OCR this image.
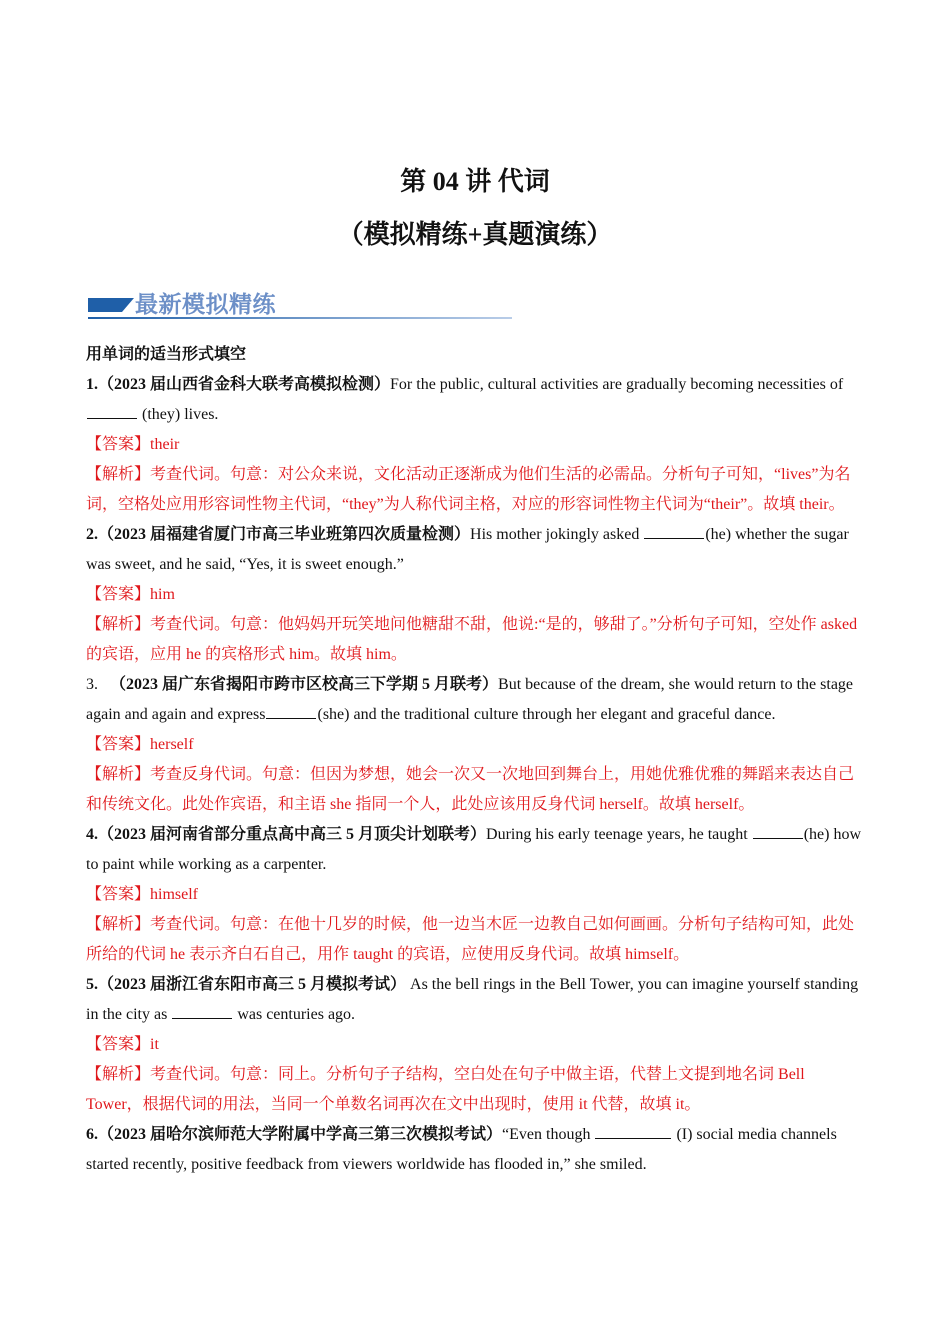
第 04 讲 代词
（模拟精练+真题演练）
最新模拟精练

用单词的适当形式填空

1.（2023 届山西省金科大联考高模拟检测）For the public, cultural activities are gradually becoming necessities of  (they) lives.

【答案】their

【解析】考查代词。句意：对公众来说，文化活动正逐渐成为他们生活的必需品。分析句子可知，“lives”为名词，空格处应用形容词性物主代词，“they”为人称代词主格，对应的形容词性物主代词为“their”。故填 their。

2.（2023 届福建省厦门市高三毕业班第四次质量检测）His mother jokingly asked	(he) whether the sugar was sweet, and he said, “Yes, it is sweet enough.”

【答案】him

【解析】考查代词。句意：他妈妈开玩笑地问他糖甜不甜，他说:“是的，够甜了。”分析句子可知，空处作 asked 的宾语，应用 he 的宾格形式 him。故填 him。

3. （2023 届广东省揭阳市跨市区校高三下学期 5 月联考）But because of the dream, she would return to the stage again and again and express	(she) and the traditional culture through her elegant and graceful dance.

【答案】herself

【解析】考查反身代词。句意：但因为梦想，她会一次又一次地回到舞台上，用她优雅优雅的舞蹈来表达自己和传统文化。此处作宾语，和主语 she 指同一个人，此处应该用反身代词 herself。故填 herself。

4.（2023 届河南省部分重点高中高三 5 月顶尖计划联考）During his early teenage years, he taught	(he) how to paint while working as a carpenter.

【答案】himself

【解析】考查代词。句意：在他十几岁的时候，他一边当木匠一边教自己如何画画。分析句子结构可知，此处所给的代词 he 表示齐白石自己，用作 taught 的宾语，应使用反身代词。故填 himself。

5.（2023 届浙江省东阳市高三 5 月模拟考试） As the bell rings in the Bell Tower, you can imagine yourself standing in the city as	was centuries ago.

【答案】it

【解析】考查代词。句意：同上。分析句子子结构，空白处在句子中做主语，代替上文提到地名词 Bell Tower，根据代词的用法，当同一个单数名词再次在文中出现时，使用 it 代替，故填 it。

6.（2023 届哈尔滨师范大学附属中学高三第三次模拟考试）“Even though	(I) social media channels started recently, positive feedback from viewers worldwide has flooded in,” she smiled.
